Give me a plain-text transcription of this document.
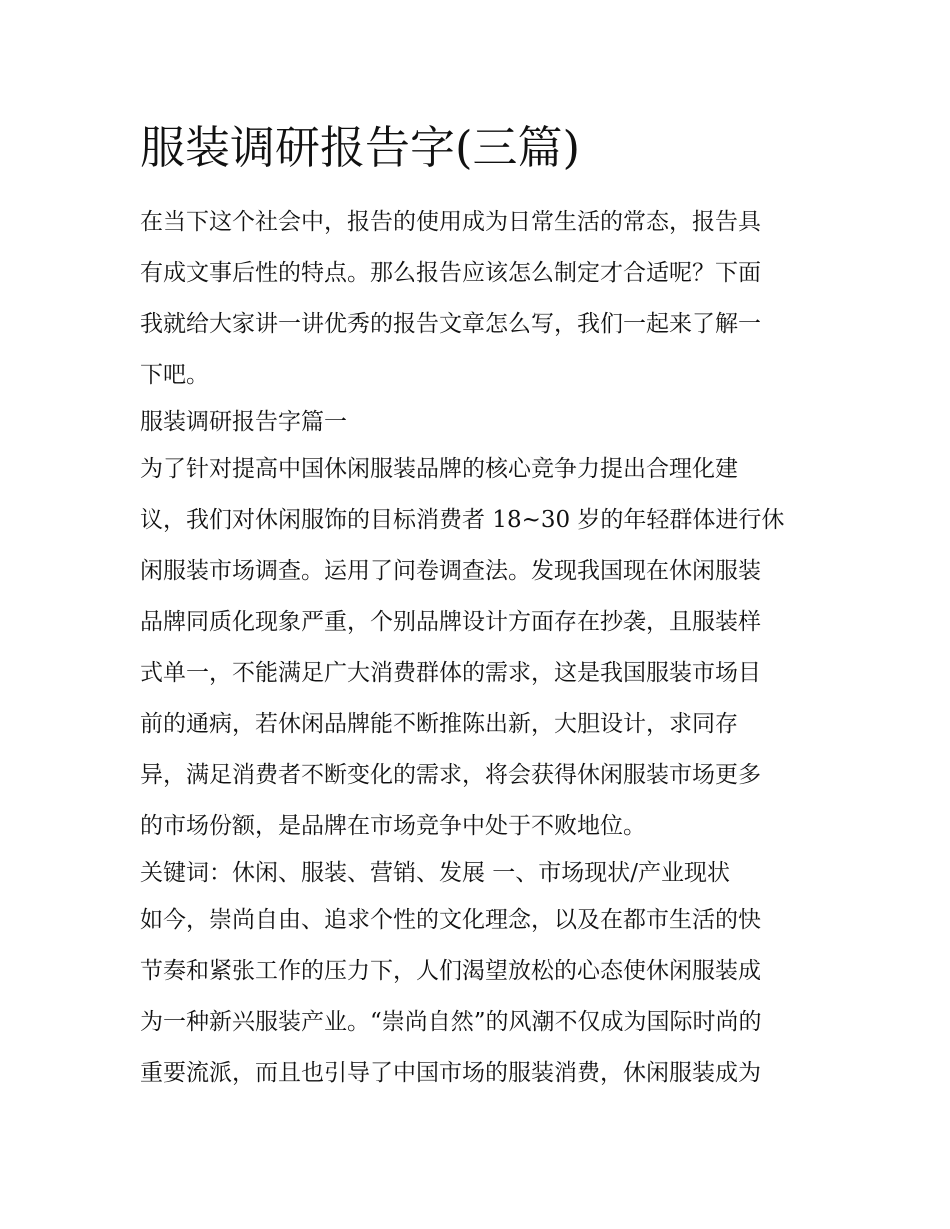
服装调研报告字(三篇)
在当下这个社会中，报告的使用成为日常生活的常态，报告具
有成文事后性的特点。那么报告应该怎么制定才合适呢？下面
我就给大家讲一讲优秀的报告文章怎么写，我们一起来了解一
下吧。
服装调研报告字篇一
为了针对提高中国休闲服装品牌的核心竞争力提出合理化建
议，我们对休闲服饰的目标消费者 18~30 岁的年轻群体进行休
闲服装市场调查。运用了问卷调查法。发现我国现在休闲服装
品牌同质化现象严重，个别品牌设计方面存在抄袭，且服装样
式单一，不能满足广大消费群体的需求，这是我国服装市场目
前的通病，若休闲品牌能不断推陈出新，大胆设计，求同存
异，满足消费者不断变化的需求，将会获得休闲服装市场更多
的市场份额，是品牌在市场竞争中处于不败地位。
关键词：休闲、服装、营销、发展 一、市场现状/产业现状
如今，崇尚自由、追求个性的文化理念，以及在都市生活的快
节奏和紧张工作的压力下，人们渴望放松的心态使休闲服装成
为一种新兴服装产业。“崇尚自然”的风潮不仅成为国际时尚的
重要流派，而且也引导了中国市场的服装消费，休闲服装成为
